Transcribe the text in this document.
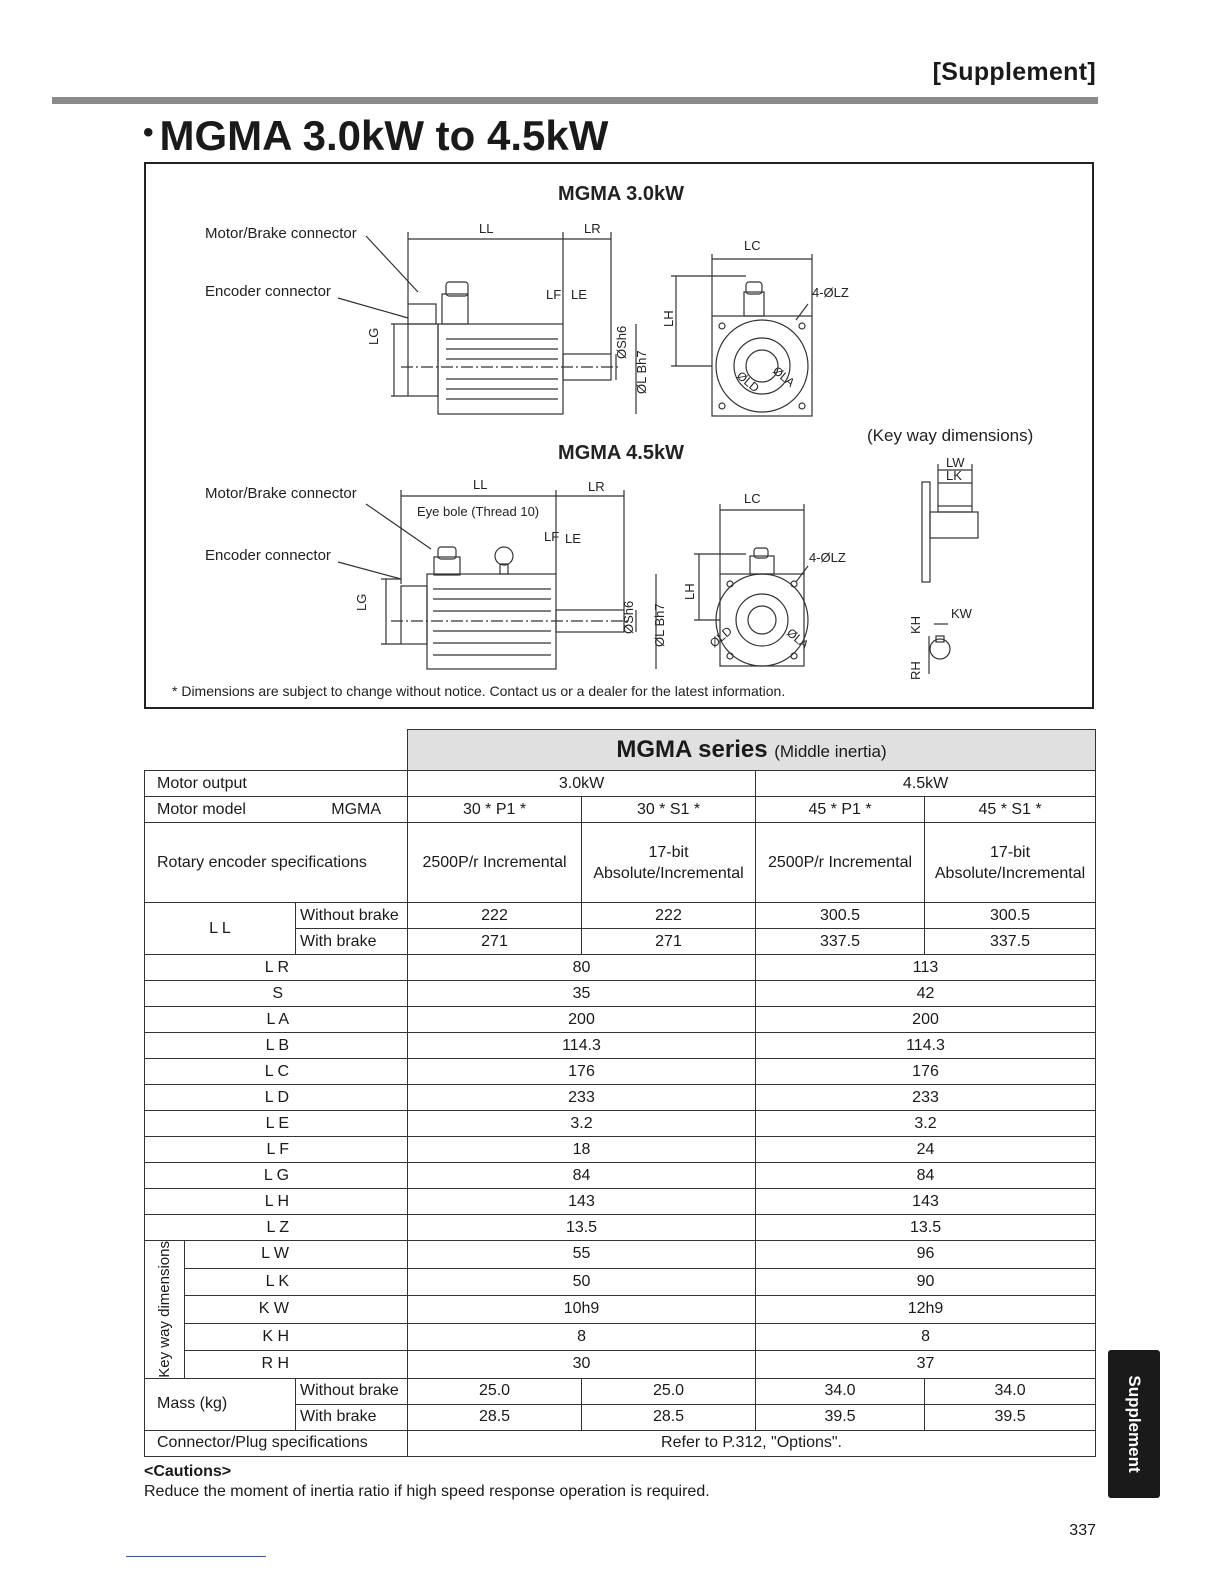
[Supplement]
• MGMA 3.0kW to 4.5kW
MGMA 3.0kW
MGMA 4.5kW
Motor/Brake connector
Encoder connector
Motor/Brake connector
Encoder connector
Eye bole (Thread 10)
(Key way dimensions)
* Dimensions are subject to change without notice. Contact us or a dealer for the latest information.
LL	LR
LF LE
LG	ØSh6
ØL Bh7
LC
4-ØLZ
LH
ØLD ØLA
LL	LR
LF LE
LG	ØSh6 ØL Bh7
LC
4-ØLZ
LH
ØLD	ØLA
LW
LK
KW
KH
RH
			MGMA series (Middle inertia)			
Motor output			3.0kW		4.5kW	
Motor model MGMA			30 * P1 *	30 * S1 *	45 * P1 *	45 * S1 *
Rotary encoder specifications			2500P/r Incremental	17-bit Absolute/Incremental	2500P/r Incremental	17-bit Absolute/Incremental
L L		Without brake	222	222	300.5	300.5
		With brake	271	271	337.5	337.5
L R			80		113	
S			35		42	
L A			200		200	
L B			114.3		114.3	
L C			176		176	
L D			233		233	
L E			3.2		3.2	
L F			18		24	
L G			84		84	
L H			143		143	
L Z			13.5		13.5	

Key way dimensions	L W		55		96	
	L K		50		90	
	K W		10h9		12h9	
	K H		8		8	
	R H		30		37	
Mass (kg)		Without brake	25.0	25.0	34.0	34.0
		With brake	28.5	28.5	39.5	39.5
Connector/Plug specifications			Refer to P.312, "Options".			
<Cautions>
Reduce the moment of inertia ratio if high speed response operation is required.
337
Supplement
